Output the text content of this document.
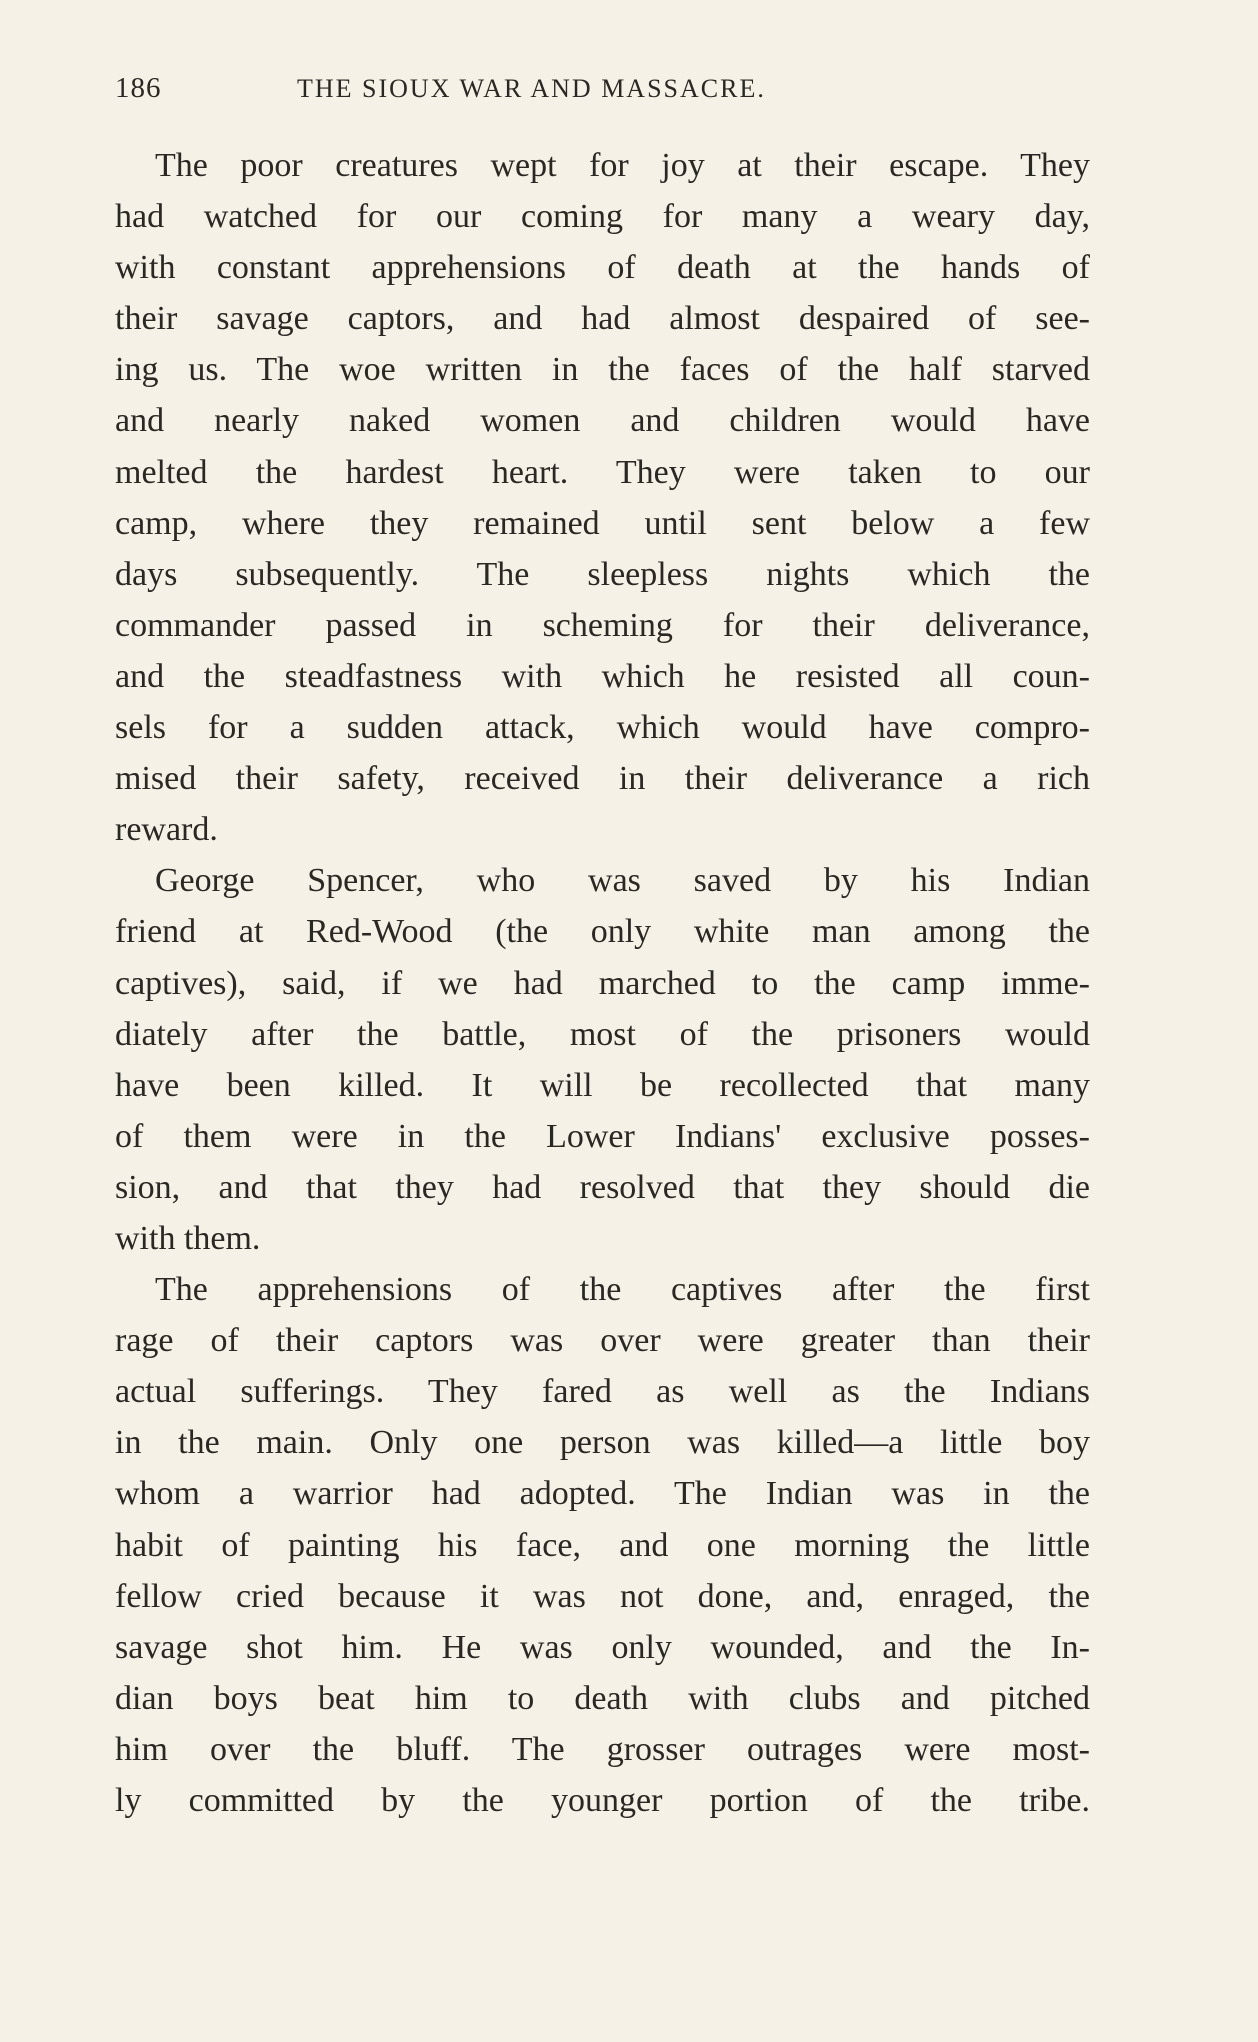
186	THE SIOUX WAR AND MASSACRE.
The poor creatures wept for joy at their escape. They
had watched for our coming for many a weary day,
with constant apprehensions of death at the hands of
their savage captors, and had almost despaired of see-
ing us. The woe written in the faces of the half starved
and nearly naked women and children would have
melted the hardest heart. They were taken to our
camp, where they remained until sent below a few
days subsequently. The sleepless nights which the
commander passed in scheming for their deliverance,
and the steadfastness with which he resisted all coun-
sels for a sudden attack, which would have compro-
mised their safety, received in their deliverance a rich
reward.
George Spencer, who was saved by his Indian
friend at Red-Wood (the only white man among the
captives), said, if we had marched to the camp imme-
diately after the battle, most of the prisoners would
have been killed. It will be recollected that many
of them were in the Lower Indians' exclusive posses-
sion, and that they had resolved that they should die
with them.
The apprehensions of the captives after the first
rage of their captors was over were greater than their
actual sufferings. They fared as well as the Indians
in the main. Only one person was killed—a little boy
whom a warrior had adopted. The Indian was in the
habit of painting his face, and one morning the little
fellow cried because it was not done, and, enraged, the
savage shot him. He was only wounded, and the In-
dian boys beat him to death with clubs and pitched
him over the bluff. The grosser outrages were most-
ly committed by the younger portion of the tribe.
